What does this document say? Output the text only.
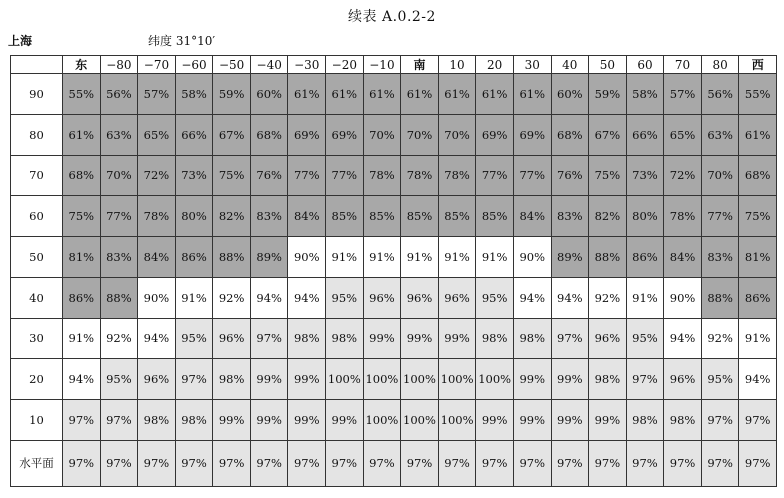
续表 A.0.2-2
上海	纬度 31°10′
	东	−80	−70	−60	−50	−40	−30	−20	−10	南	10	20	30	40	50	60	70	80	西
90	55%	56%	57%	58%	59%	60%	61%	61%	61%	61%	61%	61%	61%	60%	59%	58%	57%	56%	55%
80	61%	63%	65%	66%	67%	68%	69%	69%	70%	70%	70%	69%	69%	68%	67%	66%	65%	63%	61%
70	68%	70%	72%	73%	75%	76%	77%	77%	78%	78%	78%	77%	77%	76%	75%	73%	72%	70%	68%
60	75%	77%	78%	80%	82%	83%	84%	85%	85%	85%	85%	85%	84%	83%	82%	80%	78%	77%	75%
50	81%	83%	84%	86%	88%	89%	90%	91%	91%	91%	91%	91%	90%	89%	88%	86%	84%	83%	81%
40	86%	88%	90%	91%	92%	94%	94%	95%	96%	96%	96%	95%	94%	94%	92%	91%	90%	88%	86%
30	91%	92%	94%	95%	96%	97%	98%	98%	99%	99%	99%	98%	98%	97%	96%	95%	94%	92%	91%
20	94%	95%	96%	97%	98%	99%	99%	100%	100%	100%	100%	100%	99%	99%	98%	97%	96%	95%	94%
10	97%	97%	98%	98%	99%	99%	99%	99%	100%	100%	100%	99%	99%	99%	99%	98%	98%	97%	97%
水平面	97%	97%	97%	97%	97%	97%	97%	97%	97%	97%	97%	97%	97%	97%	97%	97%	97%	97%	97%
